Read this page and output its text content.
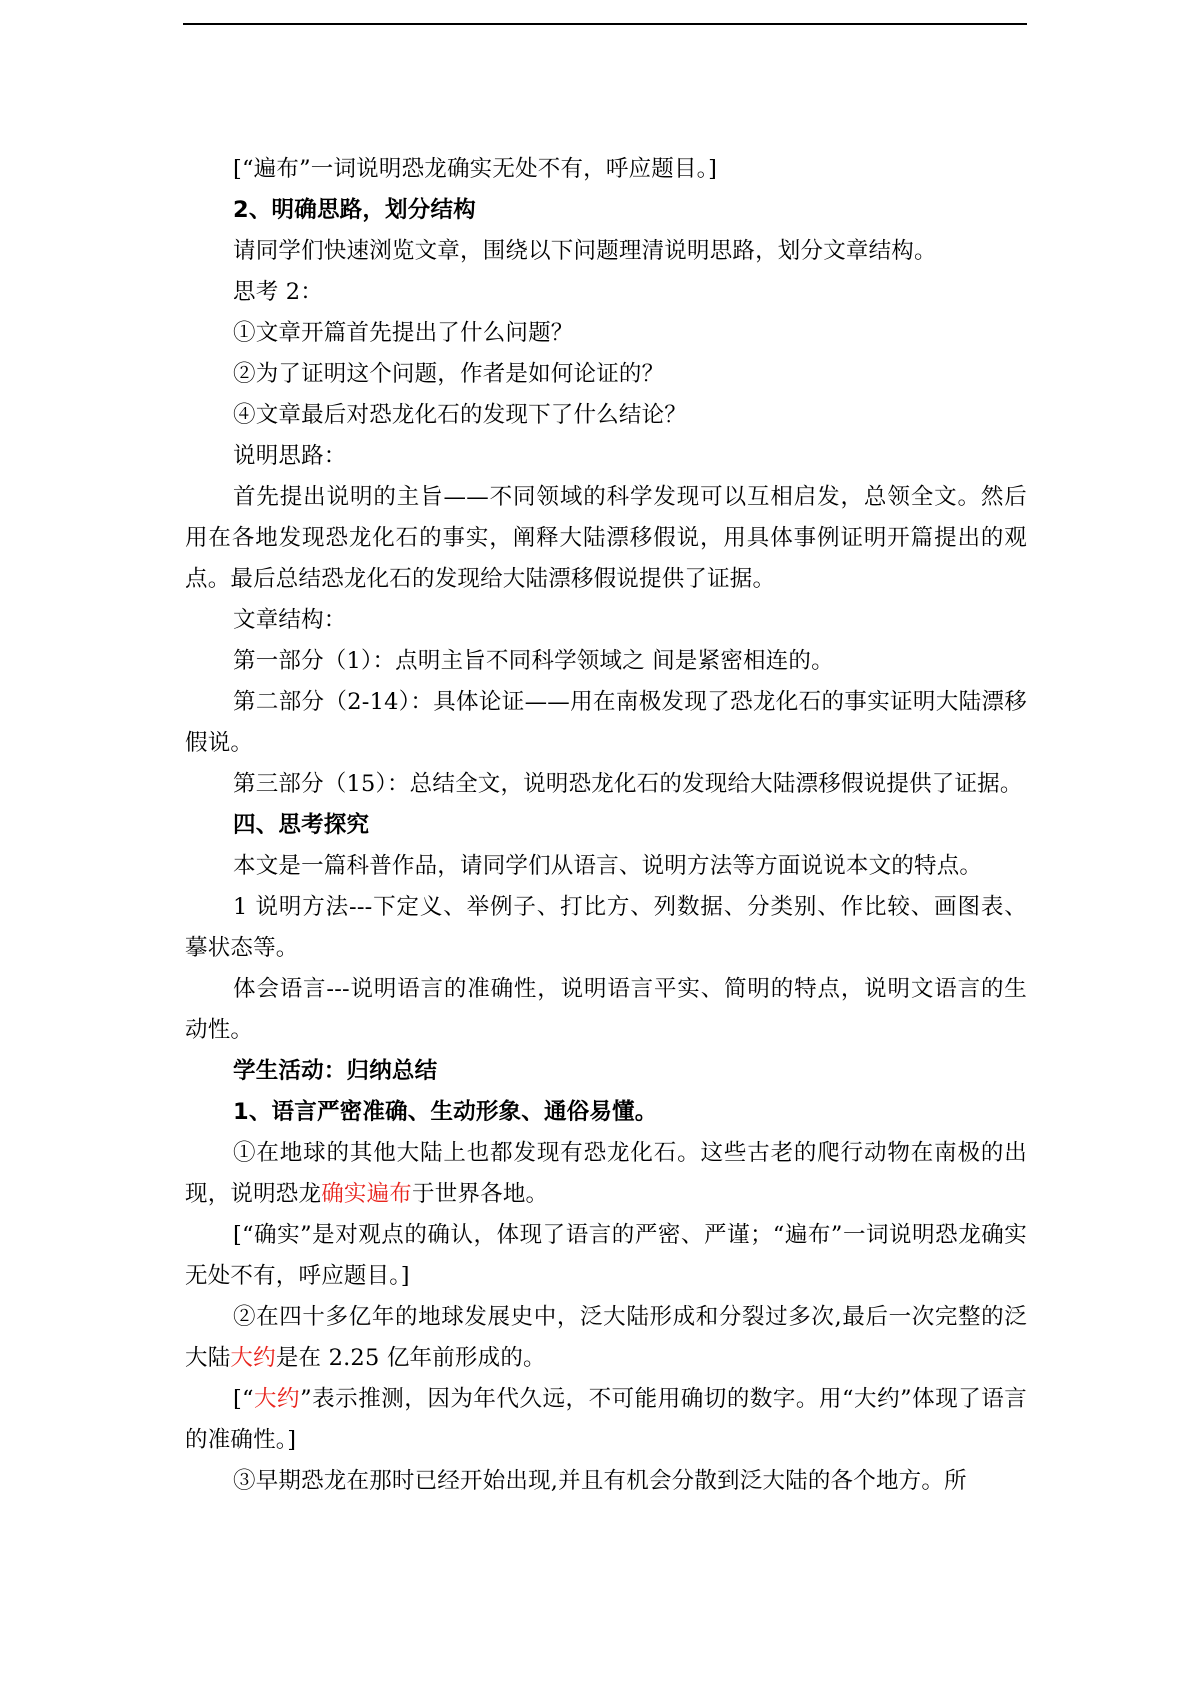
[“遍布”一词说明恐龙确实无处不有，呼应题目。]
2、明确思路，划分结构
请同学们快速浏览文章，围绕以下问题理清说明思路，划分文章结构。
思考 2：
①文章开篇首先提出了什么问题？
②为了证明这个问题，作者是如何论证的？
④文章最后对恐龙化石的发现下了什么结论？
说明思路：
首先提出说明的主旨——不同领域的科学发现可以互相启发，总领全文。然后用在各地发现恐龙化石的事实，阐释大陆漂移假说，用具体事例证明开篇提出的观点。最后总结恐龙化石的发现给大陆漂移假说提供了证据。
文章结构：
第一部分（1）：点明主旨不同科学领域之 间是紧密相连的。
第二部分（2-14）：具体论证——用在南极发现了恐龙化石的事实证明大陆漂移假说。
第三部分（15）：总结全文，说明恐龙化石的发现给大陆漂移假说提供了证据。
四、思考探究
本文是一篇科普作品，请同学们从语言、说明方法等方面说说本文的特点。
1 说明方法---下定义、举例子、打比方、列数据、分类别、作比较、画图表、摹状态等。
体会语言---说明语言的准确性，说明语言平实、简明的特点，说明文语言的生动性。
学生活动：归纳总结
1、语言严密准确、生动形象、通俗易懂。
①在地球的其他大陆上也都发现有恐龙化石。这些古老的爬行动物在南极的出现，说明恐龙确实遍布于世界各地。
[“确实”是对观点的确认，体现了语言的严密、严谨；“遍布”一词说明恐龙确实无处不有，呼应题目。]
②在四十多亿年的地球发展史中，泛大陆形成和分裂过多次,最后一次完整的泛大陆大约是在 2.25 亿年前形成的。
[“大约”表示推测，因为年代久远，不可能用确切的数字。用“大约”体现了语言的准确性。]
③早期恐龙在那时已经开始出现,并且有机会分散到泛大陆的各个地方。所
